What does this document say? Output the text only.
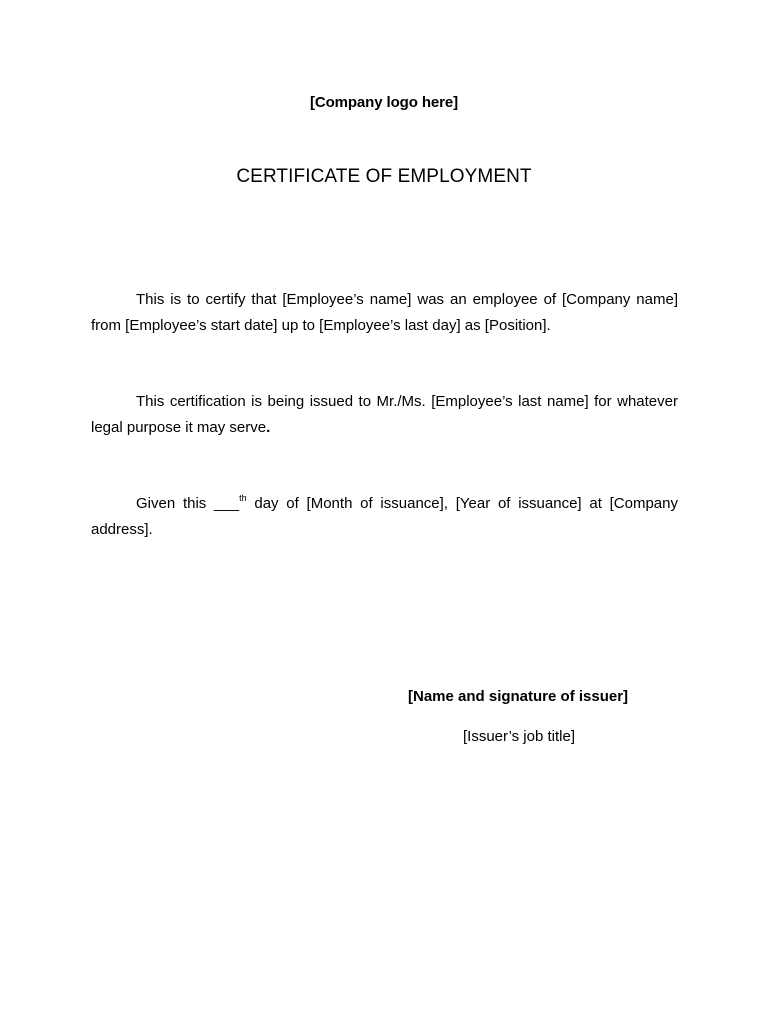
[Company logo here]
CERTIFICATE OF EMPLOYMENT

This is to certify that [Employee’s name] was an employee of [Company name] from [Employee’s start date] up to [Employee’s last day] as [Position].

This certification is being issued to Mr./Ms. [Employee’s last name] for whatever legal purpose it may serve.

Given this ___$^{th}$ day of [Month of issuance], [Year of issuance] at [Company address].

[Name and signature of issuer]
[Issuer’s job title]
